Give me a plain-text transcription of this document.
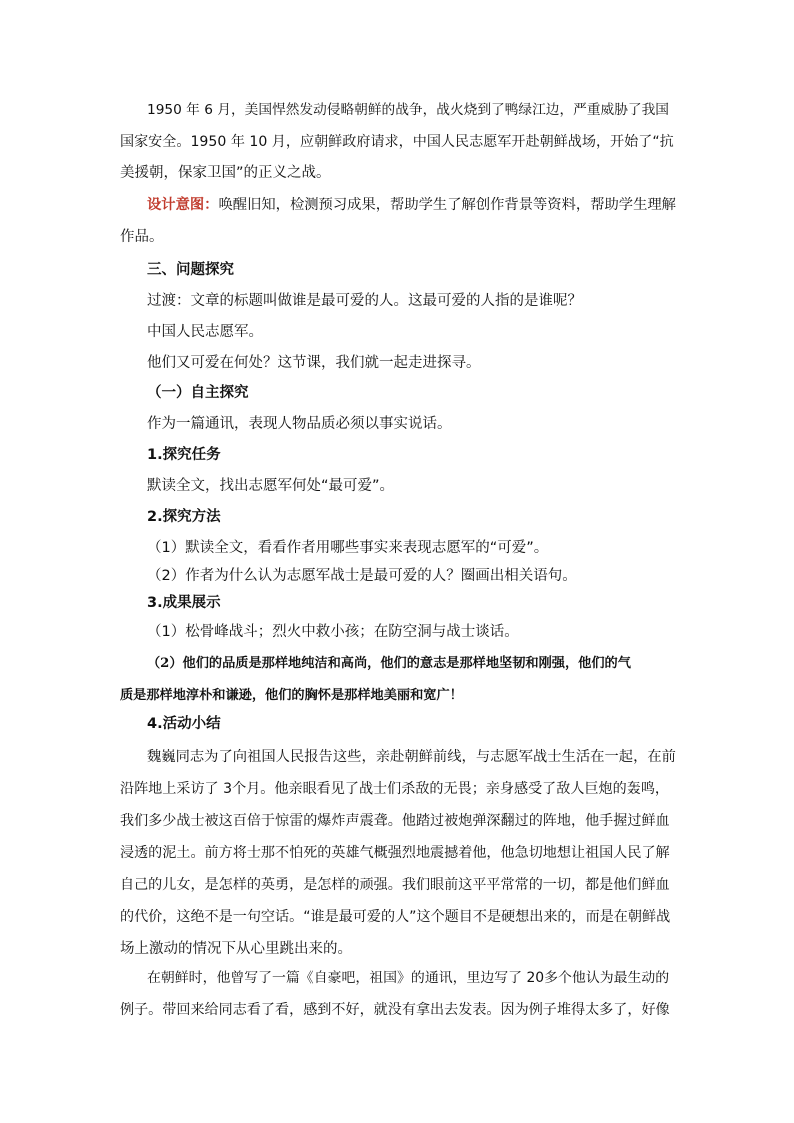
1950 年 6 月，美国悍然发动侵略朝鲜的战争，战火烧到了鸭绿江边，严重威胁了我国
国家安全。1950 年 10 月，应朝鲜政府请求，中国人民志愿军开赴朝鲜战场，开始了“抗
美援朝，保家卫国”的正义之战。
设计意图：唤醒旧知，检测预习成果，帮助学生了解创作背景等资料，帮助学生理解
作品。
三、问题探究
过渡：文章的标题叫做谁是最可爱的人。这最可爱的人指的是谁呢？
中国人民志愿军。
他们又可爱在何处？这节课，我们就一起走进探寻。
（一）自主探究
作为一篇通讯，表现人物品质必须以事实说话。
1.探究任务
默读全文，找出志愿军何处“最可爱”。
2.探究方法
（1）默读全文，看看作者用哪些事实来表现志愿军的“可爱”。
（2）作者为什么认为志愿军战士是最可爱的人？圈画出相关语句。
3.成果展示
（1）松骨峰战斗；烈火中救小孩；在防空洞与战士谈话。
（2）他们的品质是那样地纯洁和高尚，他们的意志是那样地坚韧和刚强，他们的气
质是那样地淳朴和谦逊，他们的胸怀是那样地美丽和宽广！
4.活动小结
魏巍同志为了向祖国人民报告这些，亲赴朝鲜前线，与志愿军战士生活在一起，在前
沿阵地上采访了 3个月。他亲眼看见了战士们杀敌的无畏；亲身感受了敌人巨炮的轰鸣，
我们多少战士被这百倍于惊雷的爆炸声震聋。他踏过被炮弹深翻过的阵地，他手握过鲜血
浸透的泥土。前方将士那不怕死的英雄气概强烈地震撼着他，他急切地想让祖国人民了解
自己的儿女，是怎样的英勇，是怎样的顽强。我们眼前这平平常常的一切，都是他们鲜血
的代价，这绝不是一句空话。“谁是最可爱的人”这个题目不是硬想出来的，而是在朝鲜战
场上激动的情况下从心里跳出来的。
在朝鲜时，他曾写了一篇《自豪吧，祖国》的通讯，里边写了 20多个他认为最生动的
例子。带回来给同志看了看，感到不好，就没有拿出去发表。因为例子堆得太多了，好像
